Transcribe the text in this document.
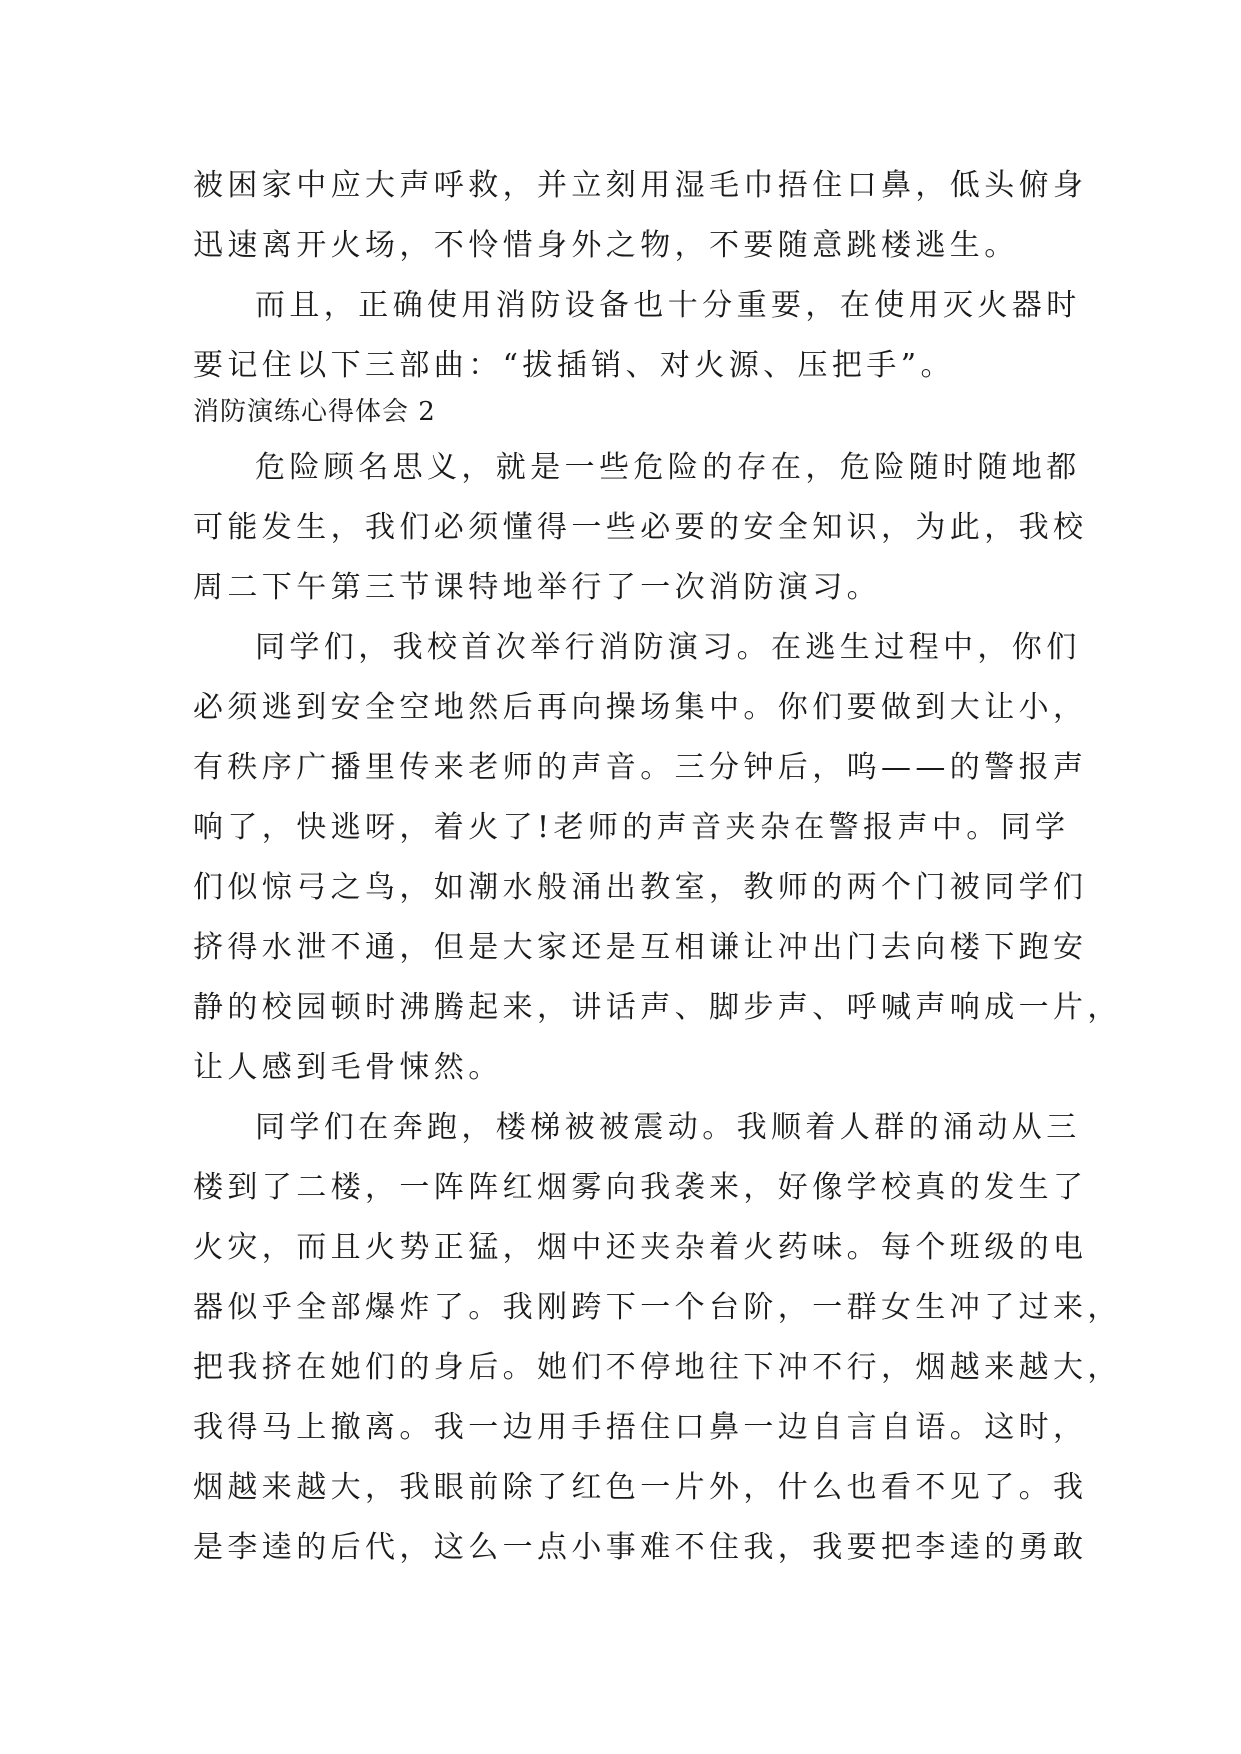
被困家中应大声呼救，并立刻用湿毛巾捂住口鼻，低头俯身
迅速离开火场，不怜惜身外之物，不要随意跳楼逃生。
而且，正确使用消防设备也十分重要，在使用灭火器时
要记住以下三部曲：“拔插销、对火源、压把手”。
消防演练心得体会 2
危险顾名思义，就是一些危险的存在，危险随时随地都
可能发生，我们必须懂得一些必要的安全知识，为此，我校
周二下午第三节课特地举行了一次消防演习。
同学们，我校首次举行消防演习。在逃生过程中，你们
必须逃到安全空地然后再向操场集中。你们要做到大让小，
有秩序广播里传来老师的声音。三分钟后，呜——的警报声
响了，快逃呀，着火了!老师的声音夹杂在警报声中。同学
们似惊弓之鸟，如潮水般涌出教室，教师的两个门被同学们
挤得水泄不通，但是大家还是互相谦让冲出门去向楼下跑安
静的校园顿时沸腾起来，讲话声、脚步声、呼喊声响成一片，
让人感到毛骨悚然。
同学们在奔跑，楼梯被被震动。我顺着人群的涌动从三
楼到了二楼，一阵阵红烟雾向我袭来，好像学校真的发生了
火灾，而且火势正猛，烟中还夹杂着火药味。每个班级的电
器似乎全部爆炸了。我刚跨下一个台阶，一群女生冲了过来，
把我挤在她们的身后。她们不停地往下冲不行，烟越来越大，
我得马上撤离。我一边用手捂住口鼻一边自言自语。这时，
烟越来越大，我眼前除了红色一片外，什么也看不见了。我
是李逵的后代，这么一点小事难不住我，我要把李逵的勇敢
